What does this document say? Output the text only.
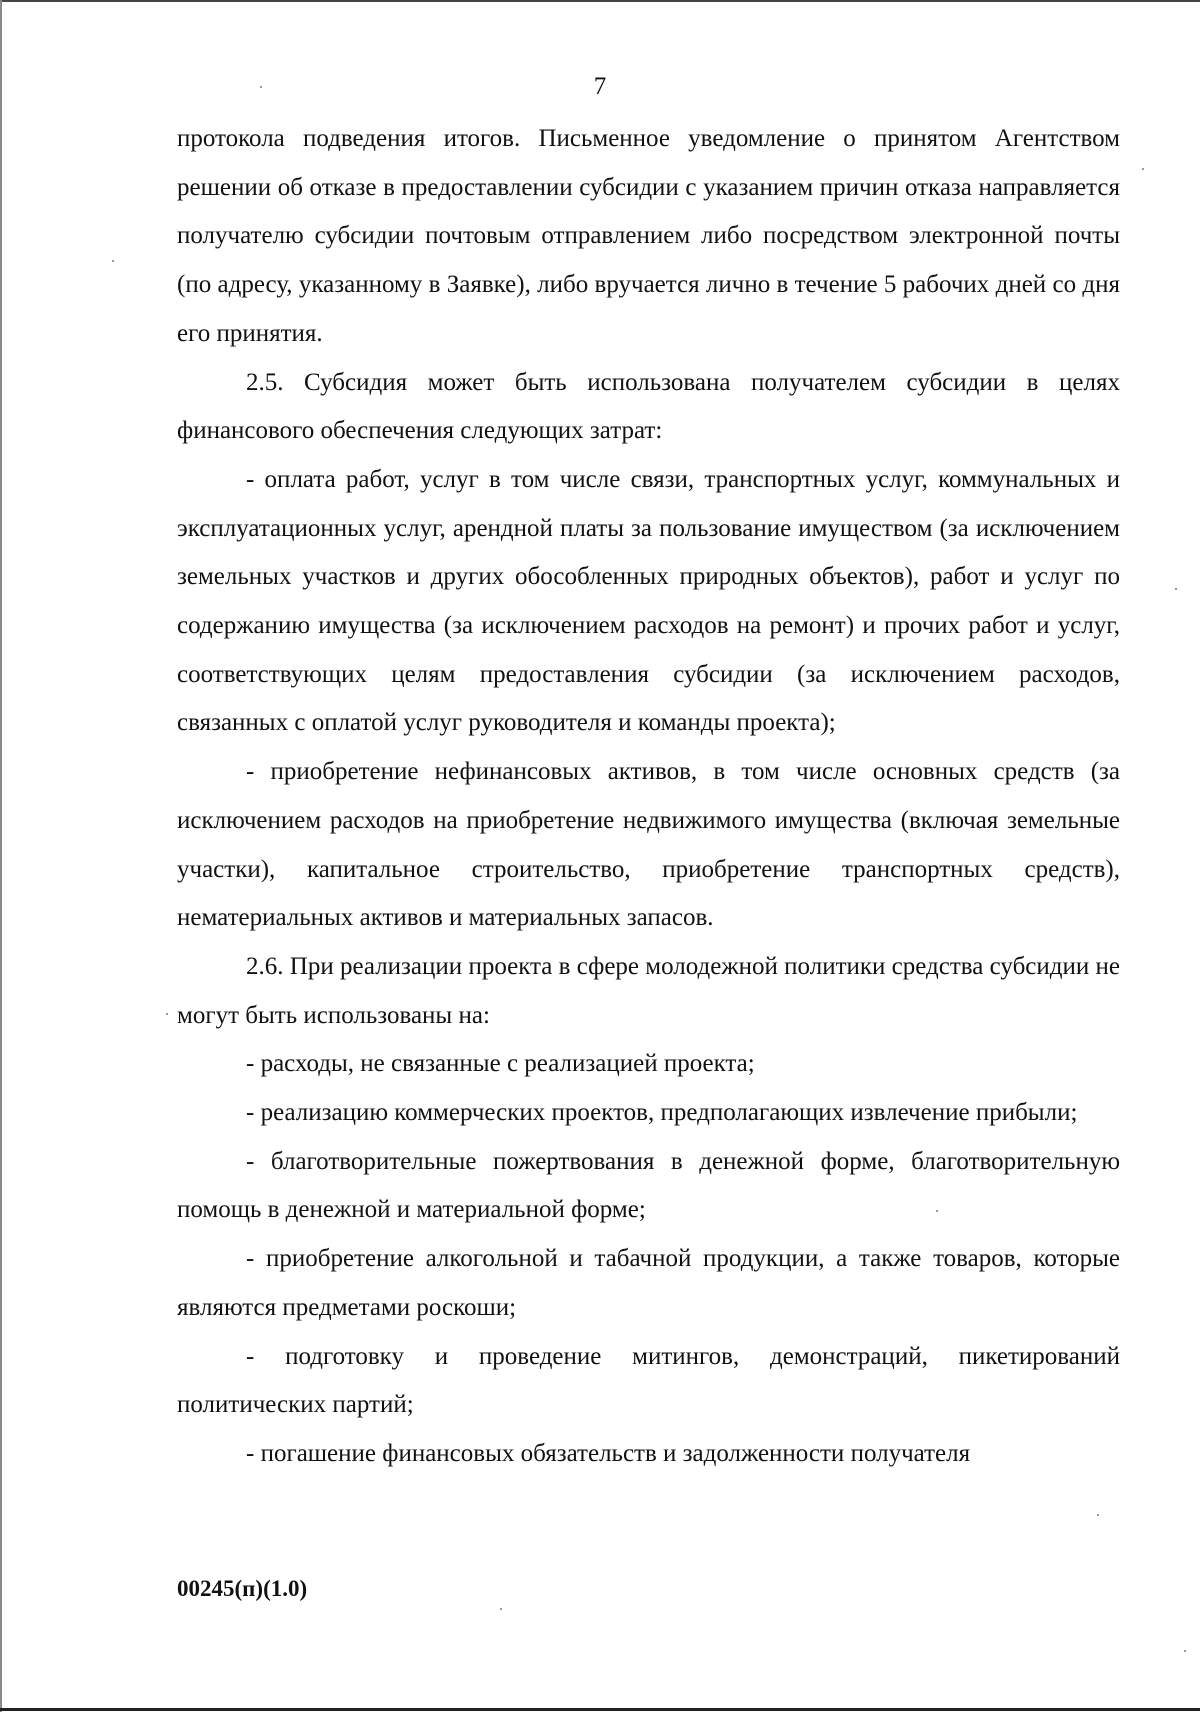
7

протокола подведения итогов. Письменное уведомление о принятом Агентством решении об отказе в предоставлении субсидии с указанием причин отказа направляется получателю субсидии почтовым отправлением либо посредством электронной почты (по адресу, указанному в Заявке), либо вручается лично в течение 5 рабочих дней со дня его принятия.

2.5. Субсидия может быть использована получателем субсидии в целях финансового обеспечения следующих затрат:

- оплата работ, услуг в том числе связи, транспортных услуг, коммунальных и эксплуатационных услуг, арендной платы за пользование имуществом (за исключением земельных участков и других обособленных природных объектов), работ и услуг по содержанию имущества (за исключением расходов на ремонт) и прочих работ и услуг, соответствующих целям предоставления субсидии (за исключением расходов, связанных с оплатой услуг руководителя и команды проекта);

- приобретение нефинансовых активов, в том числе основных средств (за исключением расходов на приобретение недвижимого имущества (включая земельные участки), капитальное строительство, приобретение транспортных средств), нематериальных активов и материальных запасов.

2.6. При реализации проекта в сфере молодежной политики средства субсидии не могут быть использованы на:

- расходы, не связанные с реализацией проекта;

- реализацию коммерческих проектов, предполагающих извлечение прибыли;

- благотворительные пожертвования в денежной форме, благотворительную помощь в денежной и материальной форме;

- приобретение алкогольной и табачной продукции, а также товаров, которые являются предметами роскоши;

- подготовку и проведение митингов, демонстраций, пикетирований политических партий;

- погашение финансовых обязательств и задолженности получателя

00245(п)(1.0)
